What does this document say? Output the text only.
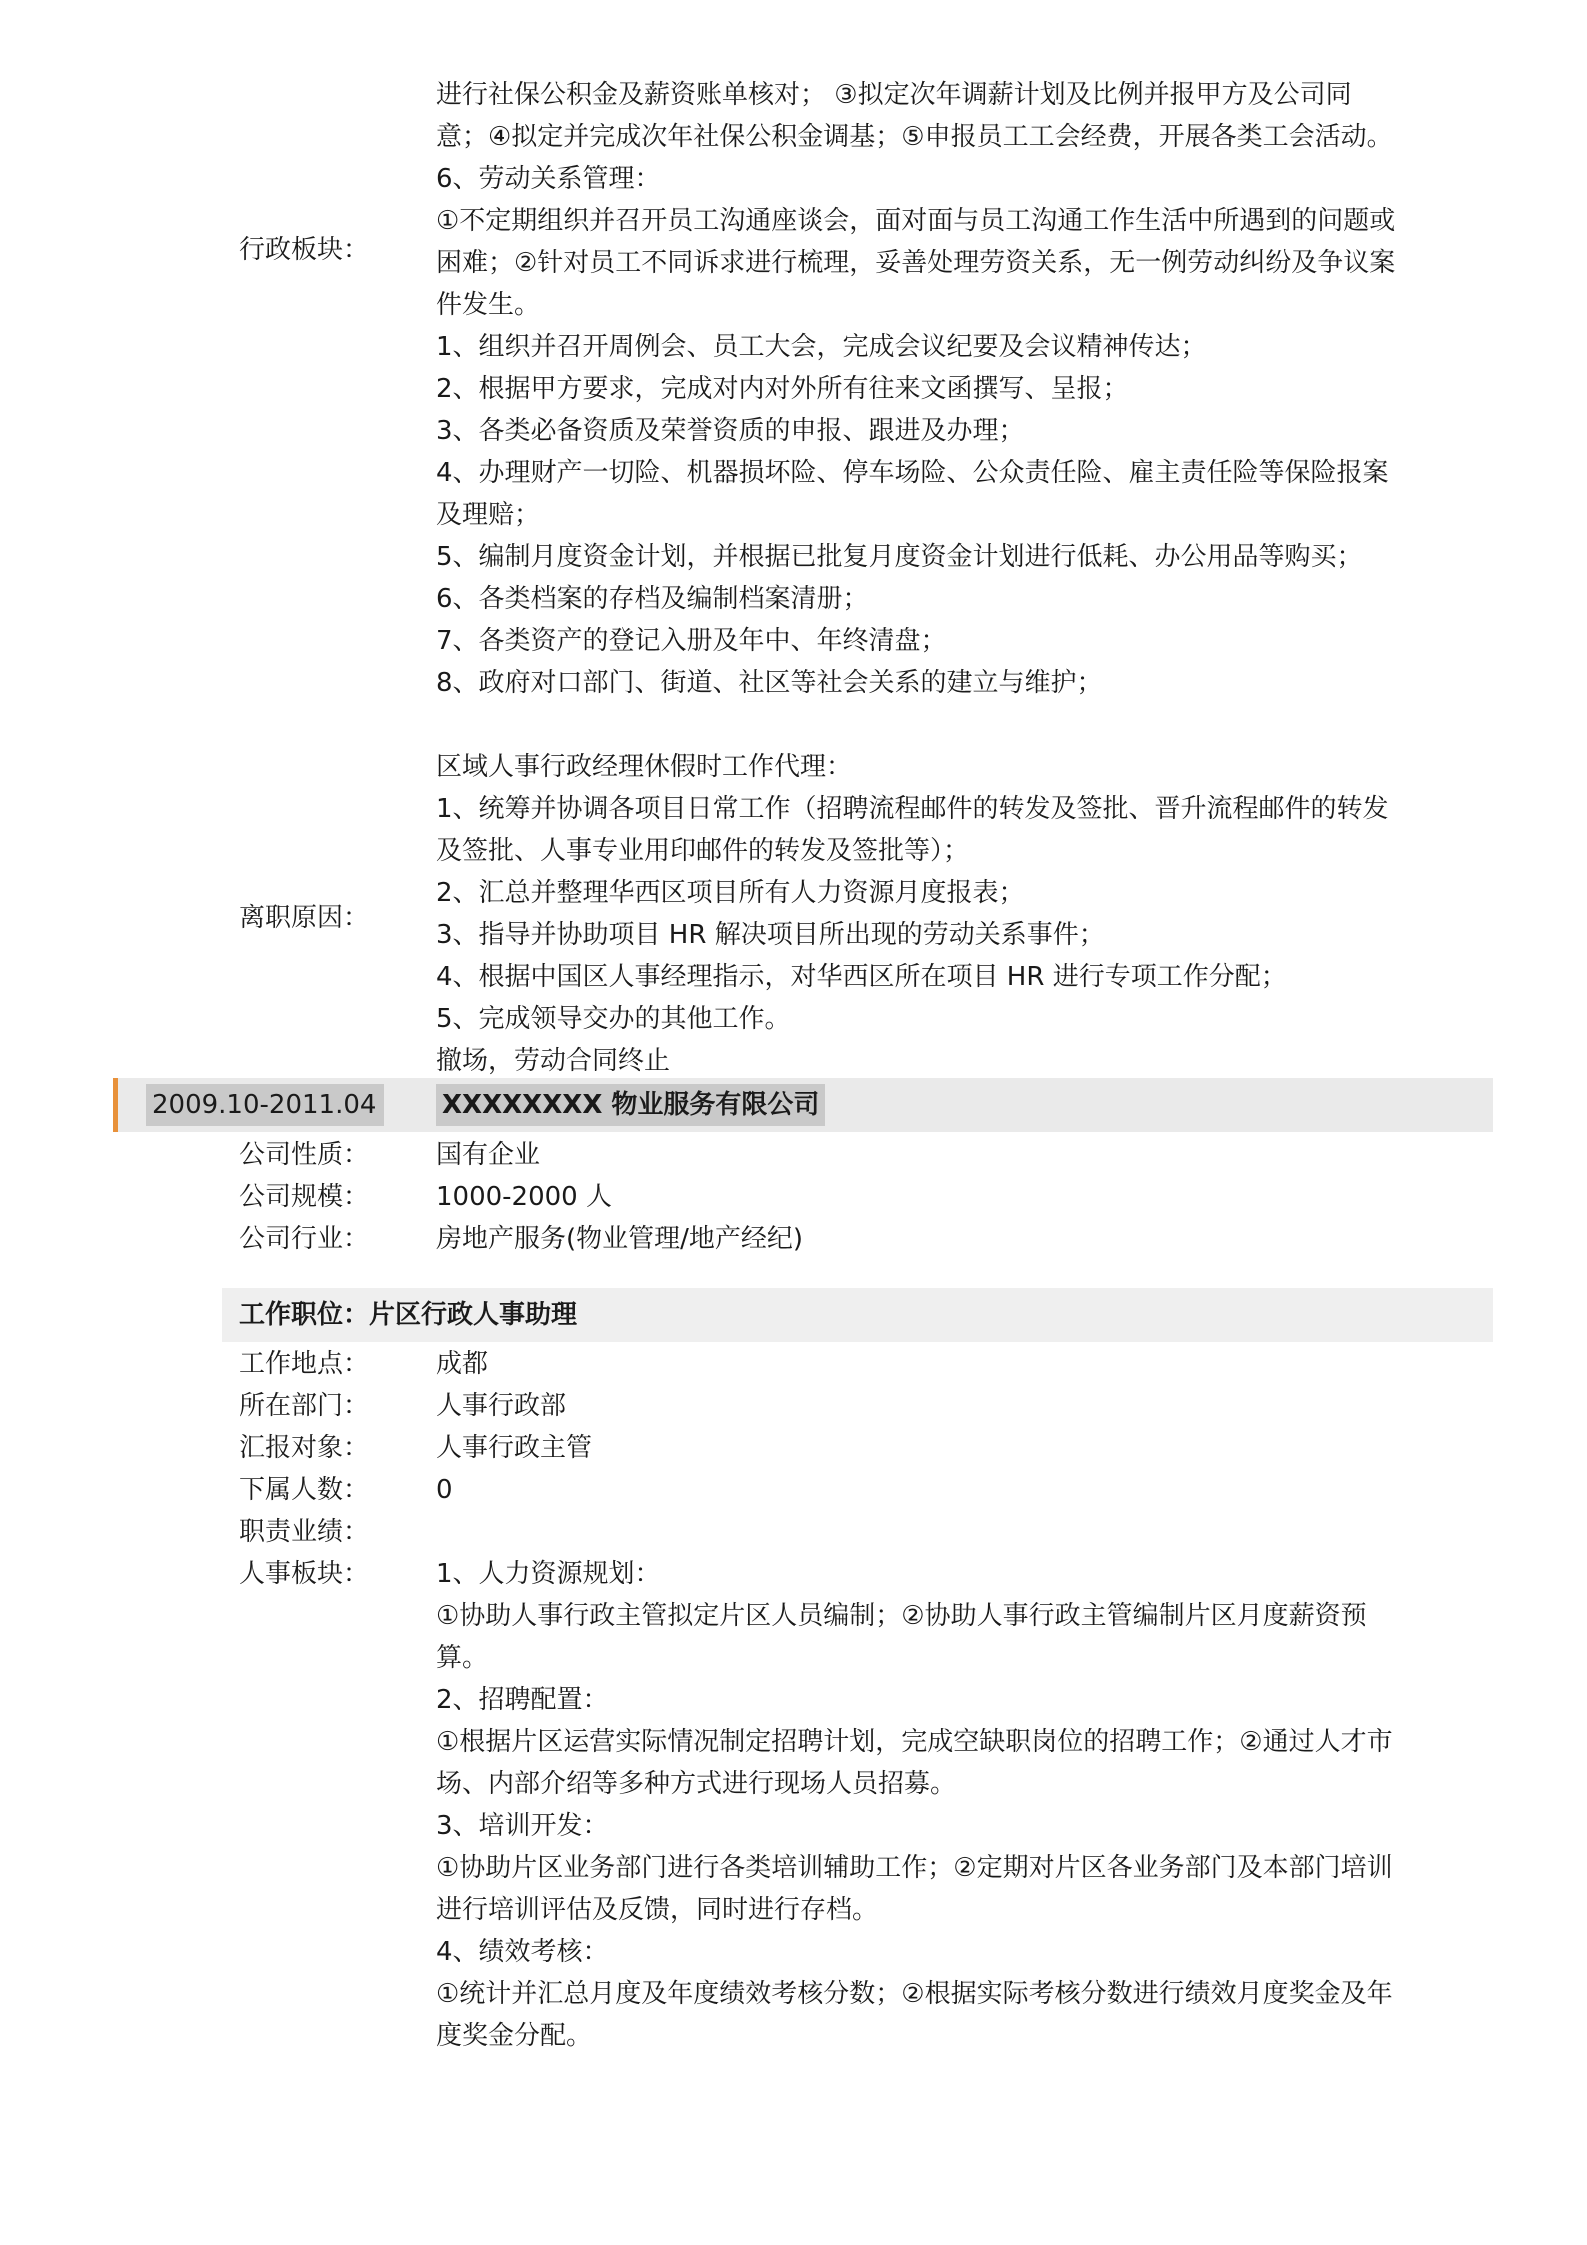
行政板块：
离职原因：
进行社保公积金及薪资账单核对； ③拟定次年调薪计划及比例并报甲方及公司同
意；④拟定并完成次年社保公积金调基；⑤申报员工工会经费，开展各类工会活动。
6、劳动关系管理：
①不定期组织并召开员工沟通座谈会，面对面与员工沟通工作生活中所遇到的问题或
困难；②针对员工不同诉求进行梳理，妥善处理劳资关系，无一例劳动纠纷及争议案
件发生。
1、组织并召开周例会、员工大会，完成会议纪要及会议精神传达；
2、根据甲方要求，完成对内对外所有往来文函撰写、呈报；
3、各类必备资质及荣誉资质的申报、跟进及办理；
4、办理财产一切险、机器损坏险、停车场险、公众责任险、雇主责任险等保险报案
及理赔；
5、编制月度资金计划，并根据已批复月度资金计划进行低耗、办公用品等购买；
6、各类档案的存档及编制档案清册；
7、各类资产的登记入册及年中、年终清盘；
8、政府对口部门、街道、社区等社会关系的建立与维护；
区域人事行政经理休假时工作代理：
1、统筹并协调各项目日常工作（招聘流程邮件的转发及签批、晋升流程邮件的转发
及签批、人事专业用印邮件的转发及签批等）；
2、汇总并整理华西区项目所有人力资源月度报表；
3、指导并协助项目 HR 解决项目所出现的劳动关系事件；
4、根据中国区人事经理指示，对华西区所在项目 HR 进行专项工作分配；
5、完成领导交办的其他工作。
撤场，劳动合同终止
2009.10-2011.04	XXXXXXXX 物业服务有限公司
公司性质：
公司规模：
公司行业：
国有企业
1000-2000 人
房地产服务(物业管理/地产经纪)
工作职位：片区行政人事助理
工作地点：
所在部门：
汇报对象：
下属人数：
职责业绩：
人事板块：
成都
人事行政部
人事行政主管
0
1、人力资源规划：
①协助人事行政主管拟定片区人员编制；②协助人事行政主管编制片区月度薪资预
算。
2、招聘配置：
①根据片区运营实际情况制定招聘计划，完成空缺职岗位的招聘工作；②通过人才市
场、内部介绍等多种方式进行现场人员招募。
3、培训开发：
①协助片区业务部门进行各类培训辅助工作；②定期对片区各业务部门及本部门培训
进行培训评估及反馈，同时进行存档。
4、绩效考核：
①统计并汇总月度及年度绩效考核分数；②根据实际考核分数进行绩效月度奖金及年
度奖金分配。
